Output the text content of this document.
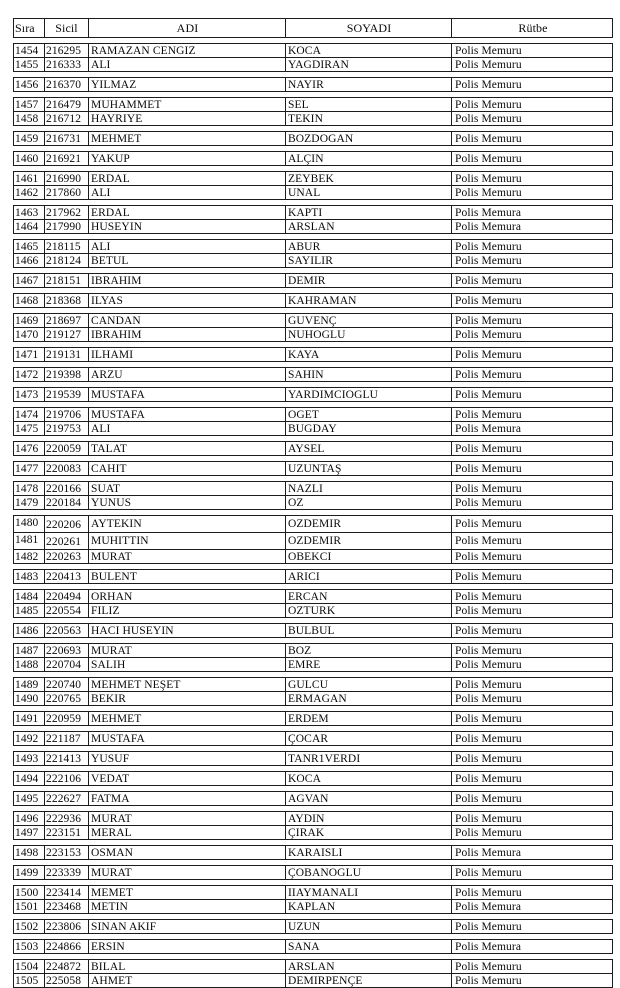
Sıra	Sicil	ADI	SOYADI	Rütbe
1454 216295 RAMAZAN CENGIZ	KOCA	Polis Memuru
1455 216333 ALI	YAGDIRAN	Polis Memuru
1456 216370 YILMAZ	NAYIR	Polis Memuru
1457 216479 MUHAMMET	SEL	Polis Memuru
1458 216712 HAYRIYE	TEKIN	Polis Memuru
1459 216731 MEHMET	BOZDOGAN	Polis Memuru
1460 216921 YAKUP	ALÇIN	Polis Memuru
1461 216990 ERDAL	ZEYBEK	Polis Memuru
1462 217860 ALI	UNAL	Polis Memuru
1463 217962 ERDAL	KAPTI	Polis Memura
1464 217990 HUSEYIN	ARSLAN	Polis Memura
1465 218115 ALI	ABUR	Polis Memuru
1466 218124 BETUL	SAYILIR	Polis Memuru
1467 218151 IBRAHIM	DEMIR	Polis Memuru
1468 218368 ILYAS	KAHRAMAN	Polis Memuru
1469 218697 CANDAN	GUVENÇ	Polis Memuru
1470 219127 IBRAHIM	NUHOGLU	Polis Memuru
1471 219131 ILHAMI	KAYA	Polis Memuru
1472 219398 ARZU	SAHIN	Polis Memuru
1473 219539 MUSTAFA	YARDIMCIOGLU	Polis Memuru
1474 219706 MUSTAFA	OGET	Polis Memuru
1475 219753 ALI	BUGDAY	Polis Memura
1476 220059 TALAT	AYSEL	Polis Memuru
1477 220083 CAHIT	UZUNTAŞ	Polis Memuru
1478 220166 SUAT	NAZLI	Polis Memuru
1479 220184 YUNUS	OZ	Polis Memuru
1480 220206 AYTEKIN	OZDEMIR	Polis Memuru
1481 220261 MUHITTIN	OZDEMIR	Polis Memuru
1482 220263 MURAT	OBEKCI	Polis Memuru
1483 220413 BULENT	ARICI	Polis Memuru
1484 220494 ORHAN	ERCAN	Polis Memuru
1485 220554 FILIZ	OZTURK	Polis Memuru
1486 220563 HACI HUSEYIN	BULBUL	Polis Memuru
1487 220693 MURAT	BOZ	Polis Memuru
1488 220704 SALIH	EMRE	Polis Memuru
1489 220740 MEHMET NEŞET	GULCU	Polis Memuru
1490 220765 BEKIR	ERMAGAN	Polis Memuru
1491 220959 MEHMET	ERDEM	Polis Memuru
1492 221187 MUSTAFA	ÇOCAR	Polis Memuru
1493 221413 YUSUF	TANR1VERDI	Polis Memuru
1494 222106 VEDAT	KOCA	Polis Memuru
1495 222627 FATMA	AGVAN	Polis Memuru
1496 222936 MURAT	AYDIN	Polis Memuru
1497 223151 MERAL	ÇIRAK	Polis Memuru
1498 223153 OSMAN	KARAISLI	Polis Memura
1499 223339 MURAT	ÇOBANOGLU	Polis Memuru
1500 223414 MEMET	IIAYMANALI	Polis Memuru
1501 223468 METIN	KAPLAN	Polis Memura
1502 223806 SINAN AKIF	UZUN	Polis Memuru
1503 224866 ERSIN	SANA	Polis Memura
1504 224872 BILAL	ARSLAN	Polis Memuru
1505 225058 AHMET	DEMIRPENÇE	Polis Memuru
